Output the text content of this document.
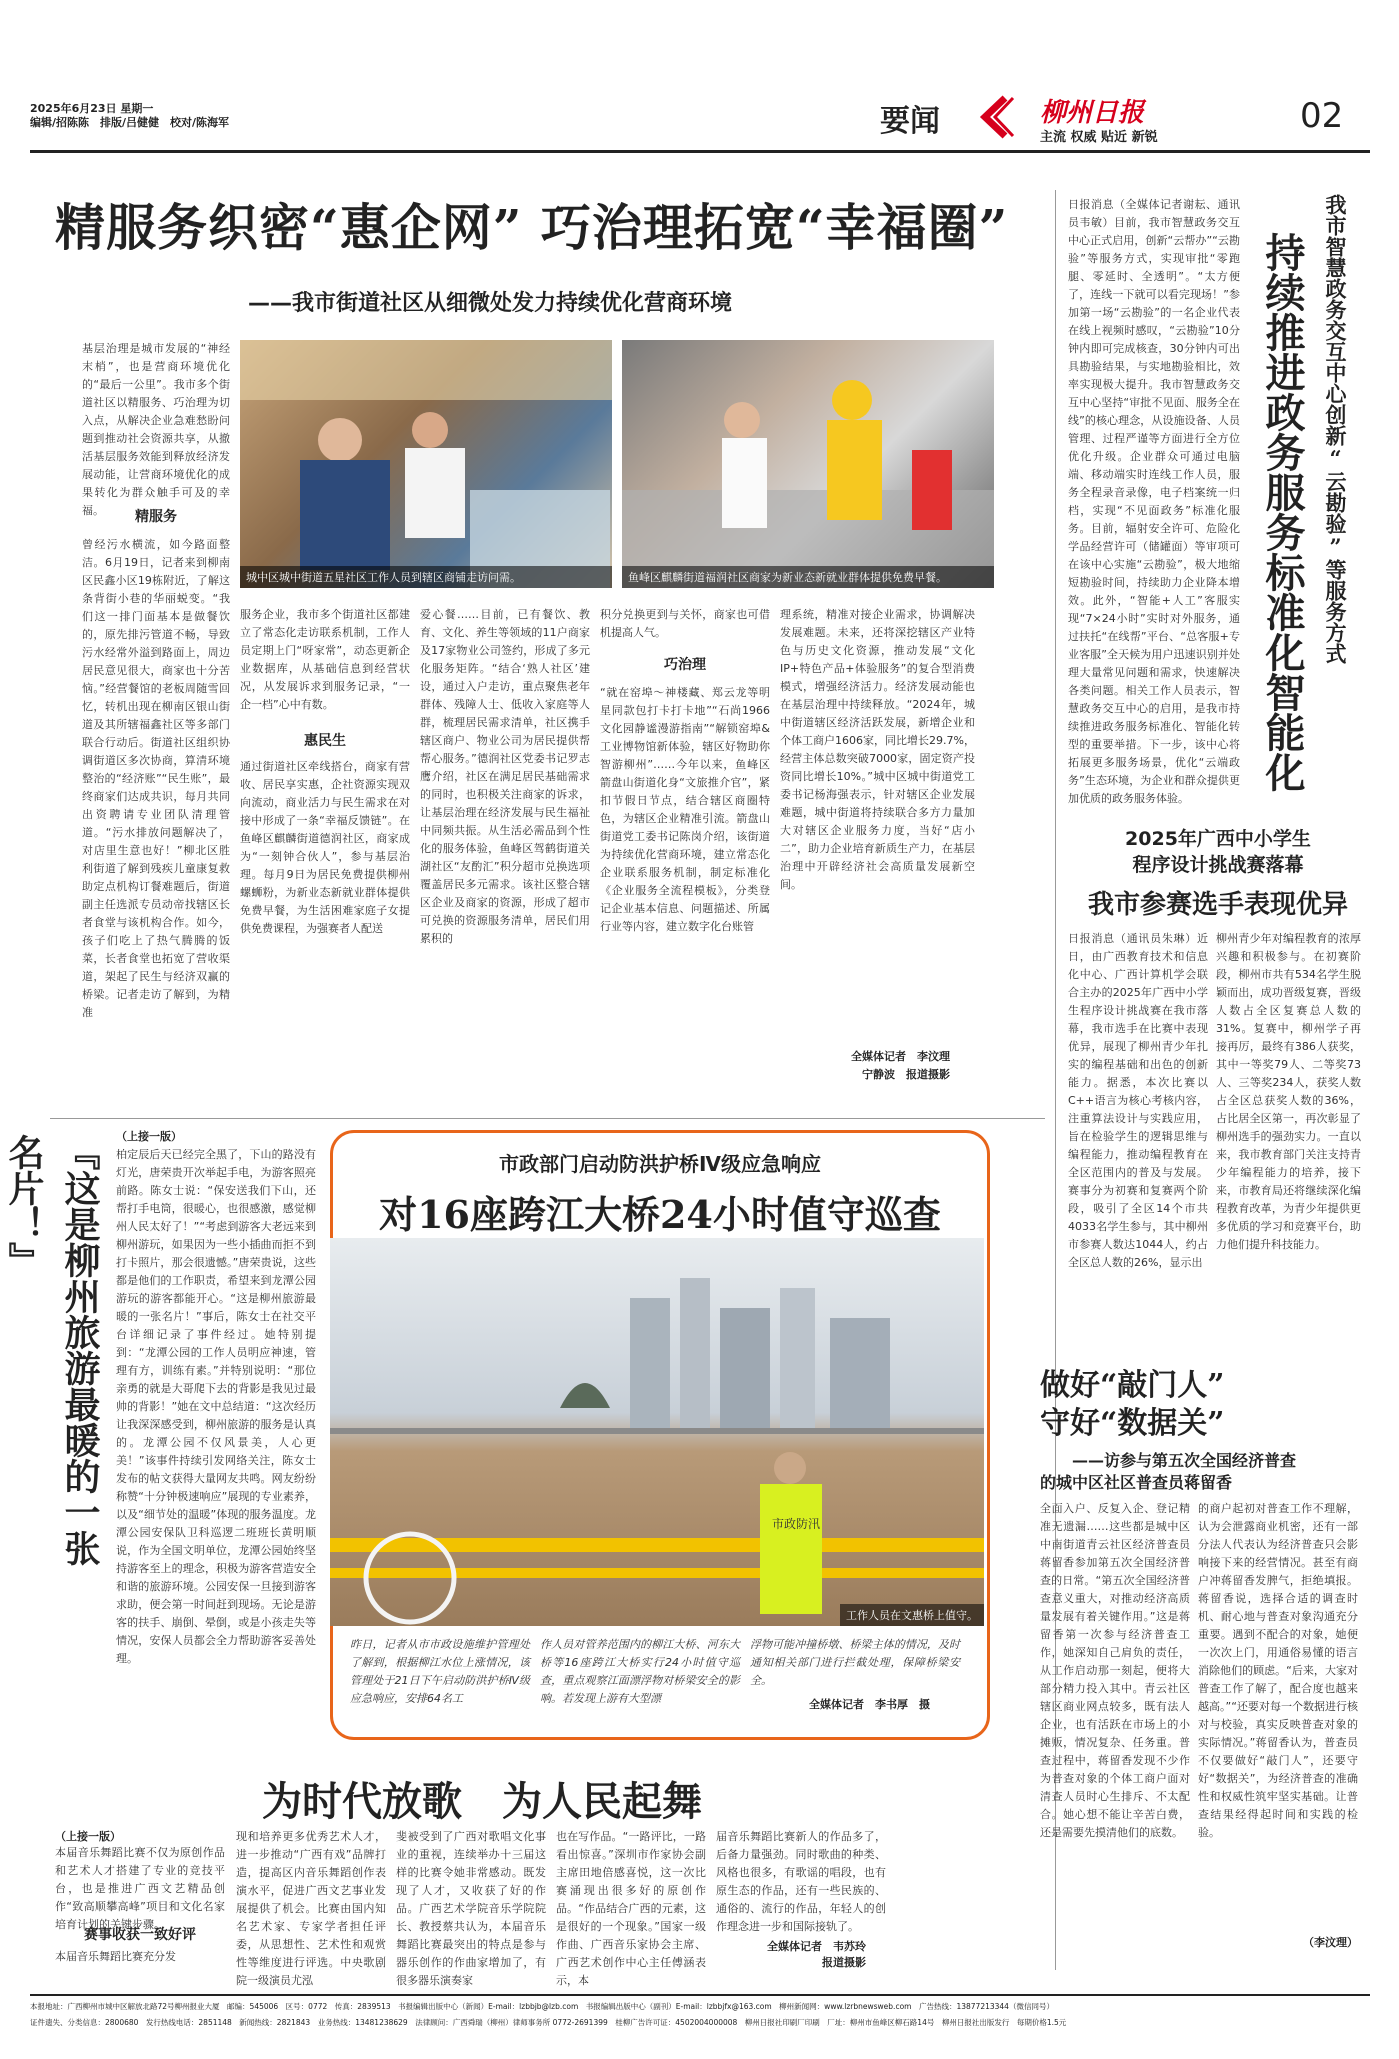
2025年6月23日 星期一
编辑/招陈陈　排版/吕健健　校对/陈海军	要闻	柳州日报
主流 权威 贴近 新锐
02
精服务织密“惠企网” 巧治理拓宽“幸福圈”
——我市街道社区从细微处发力持续优化营商环境
基层治理是城市发展的“神经末梢”，也是营商环境优化的“最后一公里”。我市多个街道社区以精服务、巧治理为切入点，从解决企业急难愁盼问题到推动社会资源共享，从撤活基层服务效能到释放经济发展动能，让营商环境优化的成果转化为群众触手可及的幸福。	精服务
曾经污水横流，如今路面整洁。6月19日，记者来到柳南区民鑫小区19栋附近，了解这条背街小巷的华丽蜕变。“我们这一排门面基本是做餐饮的，原先排污管道不畅，导致污水经常外溢到路面上，周边居民意见很大，商家也十分苦恼。”经营餐馆的老板周随雪回忆，转机出现在柳南区银山街道及其所辖福鑫社区等多部门联合行动后。街道社区组织协调街道区多次协商，算清环境整治的“经济账”“民生账”，最终商家们达成共识，每月共同出资聘请专业团队清理管道。“污水排放问题解决了，对店里生意也好！”柳北区胜利街道了解到残疾儿童康复救助定点机构订餐难题后，街道副主任选派专员动帝找辖区长者食堂与该机构合作。如今，孩子们吃上了热气腾腾的饭菜，长者食堂也拓宽了营收渠道，架起了民生与经济双赢的桥梁。记者走访了解到，为精准
城中区城中街道五星社区工作人员到辖区商铺走访问需。	鱼峰区麒麟街道福润社区商家为新业态新就业群体提供免费早餐。
服务企业，我市多个街道社区都建立了常态化走访联系机制，工作人员定期上门“呀家常”，动态更新企业数据库，从基础信息到经营状况，从发展诉求到服务记录，“一企一档”心中有数。
惠民生
通过街道社区牵线搭台，商家有营收、居民享实惠，企社资源实现双向流动，商业活力与民生需求在对接中形成了一条“幸福反馈链”。在鱼峰区麒麟街道德润社区，商家成为“一刻钟合伙人”，参与基层治理。每月9日为居民免费提供柳州螺蛳粉，为新业态新就业群体提供免费早餐，为生活困难家庭子女提供免费课程，为强赛者人配送
爱心餐……目前，已有餐饮、教育、文化、养生等领域的11户商家及17家物业公司签约，形成了多元化服务矩阵。“结合‘熟人社区’建设，通过入户走访，重点聚焦老年群体、残障人士、低收入家庭等人群，梳理居民需求清单，社区携手辖区商户、物业公司为居民提供帮帮心服务。”德润社区党委书记罗志鹰介绍，社区在满足居民基础需求的同时，也积极关注商家的诉求，让基层治理在经济发展与民生福祉中同频共振。从生活必需品到个性化的服务体验，鱼峰区驾鹤街道关湖社区“友酌汇”积分超市兑换选项覆盖居民多元需求。该社区整合辖区企业及商家的资源，形成了超市可兑换的资源服务清单，居民们用累积的
积分兑换更到与关怀，商家也可借机提高人气。
巧治理
“就在窑埠～神楼藏、郑云龙等明星同款包打卡打卡地”“石尚1966文化园静谧漫游指南”“解锁窑埠&工业博物馆新体验，辖区好物助你智游柳州”……今年以来，鱼峰区箭盘山街道化身“文旅推介官”，紧扣节假日节点，结合辖区商圈特色，为辖区企业精准引流。箭盘山街道党工委书记陈岗介绍，该街道为持续优化营商环境，建立常态化企业联系服务机制，制定标准化《企业服务全流程模板》，分类登记企业基本信息、问题描述、所属行业等内容，建立数字化台账管
理系统，精准对接企业需求，协调解决发展难题。未来，还将深挖辖区产业特色与历史文化资源，推动发展“文化IP+特色产品+体验服务”的复合型消费模式，增强经济活力。经济发展动能也在基层治理中持续释放。“2024年，城中街道辖区经济活跃发展，新增企业和个体工商户1606家，同比增长29.7%，经营主体总数突破7000家，固定资产投资同比增长10%。”城中区城中街道党工委书记杨海强表示，针对辖区企业发展难题，城中街道将持续联合多方力量加大对辖区企业服务力度，当好“店小二”，助力企业培育新质生产力，在基层治理中开辟经济社会高质量发展新空间。
全媒体记者　李汶理
宁静波　报道摄影
我市智慧政务交互中心创新“云勘验”等服务方式
持续推进政务服务标准化智能化
日报消息（全媒体记者谢耘、通讯员韦敏）目前，我市智慧政务交互中心正式启用，创新“云帮办”“云勘验”等服务方式，实现审批“零跑腿、零延时、全透明”。“太方便了，连线一下就可以看完现场！”参加第一场“云勘验”的一名企业代表在线上视频时感叹，“云勘验”10分钟内即可完成核查，30分钟内可出具勘验结果，与实地勘验相比，效率实现极大提升。我市智慧政务交互中心坚持“审批不见面、服务全在线”的核心理念，从设施设备、人员管理、过程严谨等方面进行全方位优化升级。企业群众可通过电脑端、移动端实时连线工作人员，服务全程录音录像，电子档案统一归档，实现“不见面政务”标准化服务。目前，辐射安全许可、危险化学品经营许可（储罐面）等审项可在该中心实施“云勘验”，极大地缩短勘验时间，持续助力企业降本增效。此外，“智能+人工”客服实现“7×24小时”实时对外服务，通过扶托“在线帮”平台、“总客服+专业客服”全天候为用户迅速识别并处理大量常见问题和需求，快速解决各类问题。相关工作人员表示，智慧政务交互中心的启用，是我市持续推进政务服务标准化、智能化转型的重要举措。下一步，该中心将拓展更多服务场景，优化“云端政务”生态环境，为企业和群众提供更加优质的政务服务体验。
2025年广西中小学生
程序设计挑战赛落幕
我市参赛选手表现优异
日报消息（通讯员朱琳）近日，由广西教育技术和信息化中心、广西计算机学会联合主办的2025年广西中小学生程序设计挑战赛在我市落幕，我市选手在比赛中表现优异，展现了柳州青少年扎实的编程基础和出色的创新能力。据悉，本次比赛以C++语言为核心考核内容，注重算法设计与实践应用，旨在检验学生的逻辑思维与编程能力，推动编程教育在全区范围内的普及与发展。赛事分为初赛和复赛两个阶段，吸引了全区14个市共4033名学生参与，其中柳州市参赛人数达1044人，约占全区总人数的26%，显示出
柳州青少年对编程教育的浓厚兴趣和积极参与。在初赛阶段，柳州市共有534名学生脱颖而出，成功晋级复赛，晋级人数占全区复赛总人数的31%。复赛中，柳州学子再接再厉，最终有386人获奖，其中一等奖79人、二等奖73人、三等奖234人，获奖人数占全区总获奖人数的36%，占比居全区第一，再次彰显了柳州选手的强劲实力。一直以来，我市教育部门关注支持青少年编程能力的培养，接下来，市教育局还将继续深化编程教育改革，为青少年提供更多优质的学习和竞赛平台，助力他们提升科技能力。
做好“敲门人”
守好“数据关”
——访参与第五次全国经济普查
的城中区社区普查员蒋留香
全面入户、反复入企、登记精准无遗漏……这些都是城中区中南街道青云社区经济普查员蒋留香参加第五次全国经济普查的日常。“第五次全国经济普查意义重大，对推动经济高质量发展有着关键作用。”这是蒋留香第一次参与经济普查工作，她深知自己肩负的责任，从工作启动那一刻起，便将大部分精力投入其中。青云社区辖区商业网点较多，既有法人企业，也有活跃在市场上的小摊贩，情况复杂、任务重。普查过程中，蒋留香发现不少作为普查对象的个体工商户面对清查人员时心生排斥、不太配合。她心想不能让辛苦白费，还是需要先摸清他们的底数。
的商户起初对普查工作不理解，认为会泄露商业机密，还有一部分法人代表认为经济普查只会影响接下来的经营情况。甚至有商户冲蒋留香发脾气，拒绝填报。蒋留香说，选择合适的调查时机、耐心地与普查对象沟通充分重要。遇到不配合的对象，她便一次次上门，用通俗易懂的语言消除他们的顾虑。“后来，大家对普查工作了解了，配合度也越来越高。”“还要对每一个数据进行核对与校验，真实反映普查对象的实际情况。”蒋留香认为，普查员不仅要做好“敲门人”，还要守好“数据关”，为经济普查的准确性和权威性筑牢坚实基础。让普查结果经得起时间和实践的检验。
（李汶理）
『这是柳州旅游最暖的一张名片！』	（上接一版）
柏定辰后天已经完全黑了，下山的路没有灯光，唐荣贵开次举起手电，为游客照亮前路。陈女士说：“保安送我们下山，还帮打手电筒，很暖心，也很感激，感觉柳州人民太好了！”“考虑到游客大老远来到柳州游玩，如果因为一些小插曲而拒不到打卡照片，那会很遗憾。”唐荣贵说，这些都是他们的工作职责，希望来到龙潭公园游玩的游客都能开心。“这是柳州旅游最暖的一张名片！”事后，陈女士在社交平台详细记录了事件经过。她特别提到：“龙潭公园的工作人员明应神速，管理有方，训练有素。”并特别说明：“那位亲勇的就是大哥爬下去的背影是我见过最帅的背影！”她在文中总结道：“这次经历让我深深感受到，柳州旅游的服务是认真的。龙潭公园不仅风景美，人心更美！”该事件持续引发网络关注，陈女士发布的帖文获得大量网友共鸣。网友纷纷称赞“十分钟极速响应”展现的专业素养，以及“细节处的温暖”体现的服务温度。龙潭公园安保队卫科巡逻二班班长黄明顺说，作为全国文明单位，龙潭公园始终坚持游客至上的理念，积极为游客营造安全和谐的旅游环境。公园安保一旦接到游客求助，便会第一时间赶到现场。无论是游客的扶手、崩倒、晕倒，或是小孩走失等情况，安保人员都会全力帮助游客妥善处理。
市政部门启动防洪护桥Ⅳ级应急响应
对16座跨江大桥24小时值守巡查
市政防汛
工作人员在文惠桥上值守。
昨日，记者从市市政设施维护管理处了解到，根据柳江水位上涨情况，该管理处于21日下午启动防洪护桥Ⅳ级应急响应，安排64名工
作人员对管养范围内的柳江大桥、河东大桥等16座跨江大桥实行24小时值守巡查，重点观察江面漂浮物对桥梁安全的影响。若发现上游有大型漂
浮物可能冲撞桥墩、桥梁主体的情况，及时通知相关部门进行拦截处理，保障桥梁安全。
全媒体记者　李书厚　摄
为时代放歌　为人民起舞
（上接一版）
本届音乐舞蹈比赛不仅为原创作品和艺术人才搭建了专业的竞技平台，也是推进广西文艺精品创作“致高顺攀高峰”项目和文化名家培育计划的关键步骤。
赛事收获一致好评
本届音乐舞蹈比赛充分发
现和培养更多优秀艺术人才，进一步推动“广西有戏”品牌打造，提高区内音乐舞蹈创作表演水平，促进广西文艺事业发展提供了机会。比赛由国内知名艺术家、专家学者担任评委，从思想性、艺术性和观赏性等维度进行评选。中央歌剧院一级演员尤泓
斐被受到了广西对歌唱文化事业的重视，连续举办十三届这样的比赛令她非常感动。既发现了人才，又收获了好的作品。广西艺术学院音乐学院院长、教授蔡共认为，本届音乐舞蹈比赛最突出的特点是参与器乐创作的作曲家增加了，有很多器乐演奏家
也在写作品。“一路评比，一路看出惊喜。”深圳市作家协会副主席田地倍感喜悦，这一次比赛涌现出很多好的原创作品。“作品结合广西的元素，这是很好的一个现象。”国家一级作曲、广西音乐家协会主席、广西艺术创作中心主任傅涵表示，本
届音乐舞蹈比赛新人的作品多了，后备力量强劲。同时歌曲的种类、风格也很多，有歌谣的唱段，也有原生态的作品，还有一些民族的、通俗的、流行的作品，年轻人的创作理念进一步和国际接轨了。
全媒体记者　韦苏玲
报道摄影
本报地址：广西柳州市城中区解放北路72号柳州报业大厦　邮编：545006　区号：0772　传真：2839513　书报编辑出版中心（新闻）E-mail：lzbbjb@lzb.com　书报编辑出版中心（副刊）E-mail：lzbbjfx@163.com　柳州新闻网：www.lzrbnewsweb.com　广告热线：13877213344（微信同号）
证件遗失、分类信息：2800680　发行热线电话：2851148　新闻热线：2821843　业务热线：13481238629　法律顾问：广西舜瑞（柳州）律师事务所 0772-2691399　桂柳广告许可证：4502004000008　柳州日报社印刷厂印刷　厂址：柳州市鱼峰区柳石路14号　柳州日报社出版发行　每期价格1.5元
